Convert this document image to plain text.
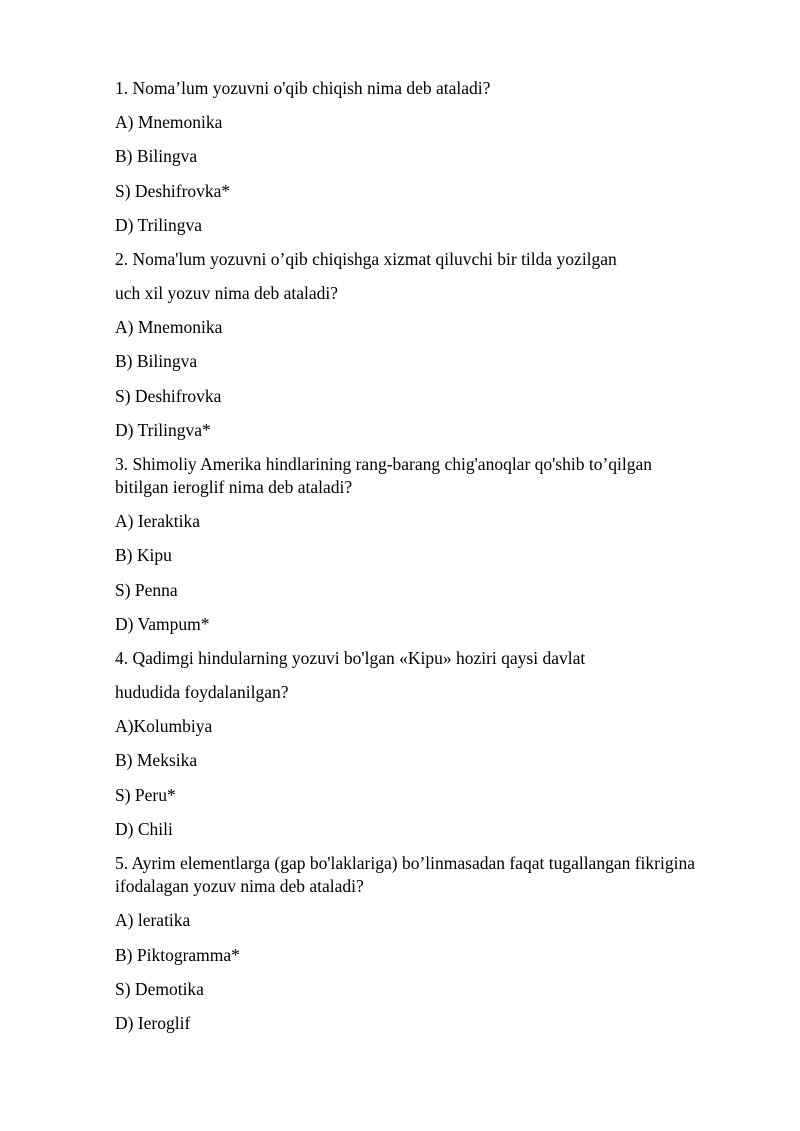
1. Noma’lum yozuvni o'qib chiqish nima deb ataladi?
A) Mnemonika
B) Bilingva
S) Deshifrovka*
D) Trilingva
2. Noma'lum yozuvni o’qib chiqishga xizmat qiluvchi bir tilda yozilgan
uch xil yozuv nima deb ataladi?
A) Mnemonika
B) Bilingva
S) Deshifrovka
D) Trilingva*
3. Shimoliy Amerika hindlarining rang-barang chig'anoqlar qo'shib to’qilgan
bitilgan ieroglif nima deb ataladi?
A) Ieraktika
B) Kipu
S) Penna
D) Vampum*
4. Qadimgi hindularning yozuvi bo'lgan «Kipu» hoziri qaysi davlat
hududida foydalanilgan?
A)Kolumbiya
B) Meksika
S) Peru*
D) Chili
5. Ayrim elementlarga (gap bo'laklariga) bo’linmasadan faqat tugallangan fikrigina
ifodalagan yozuv nima deb ataladi?
A) leratika
B) Piktogramma*
S) Demotika
D) Ieroglif
